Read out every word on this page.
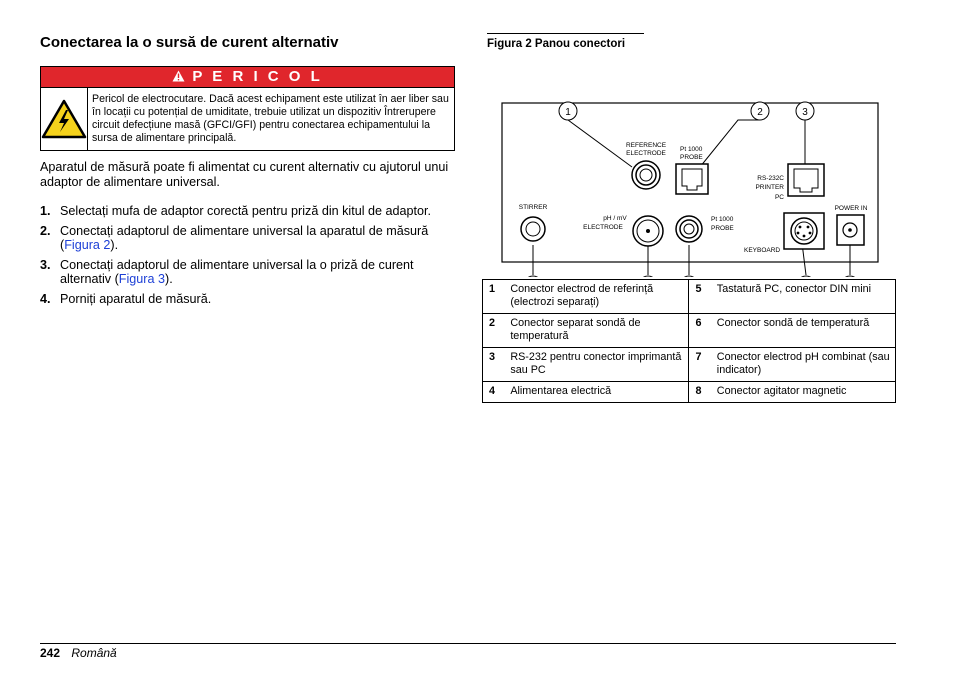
Conectarea la o sursă de curent alternativ
P E R I C O L
Pericol de electrocutare. Dacă acest echipament este utilizat în aer liber sau în locații cu potențial de umiditate, trebuie utilizat un dispozitiv Întrerupere circuit defecțiune masă (GFCI/GFI) pentru conectarea echipamentului la sursa de alimentare principală.

Aparatul de măsură poate fi alimentat cu curent alternativ cu ajutorul unui adaptor de alimentare universal.

1. Selectați mufa de adaptor corectă pentru priză din kitul de adaptor.
2. Conectați adaptorul de alimentare universal la aparatul de măsură (Figura 2).
3. Conectați adaptorul de alimentare universal la o priză de curent alternativ (Figura 3).
4. Porniți aparatul de măsură.
Figura 2 Panou conectori
REFERENCE
ELECTRODE
Pt 1000
PROBE
RS-232C
PRINTER
PC
STIRRER
pH / mV
ELECTRODE
Pt 1000
PROBE
KEYBOARD
POWER IN
1	2	3
1	Conector electrod de referință (electrozi separați)	5	Tastatură PC, conector DIN mini
2	Conector separat sondă de temperatură	6	Conector sondă de temperatură
3	RS-232 pentru conector imprimantă sau PC	7	Conector electrod pH combinat (sau indicator)
4	Alimentarea electrică	8	Conector agitator magnetic
242 Română
